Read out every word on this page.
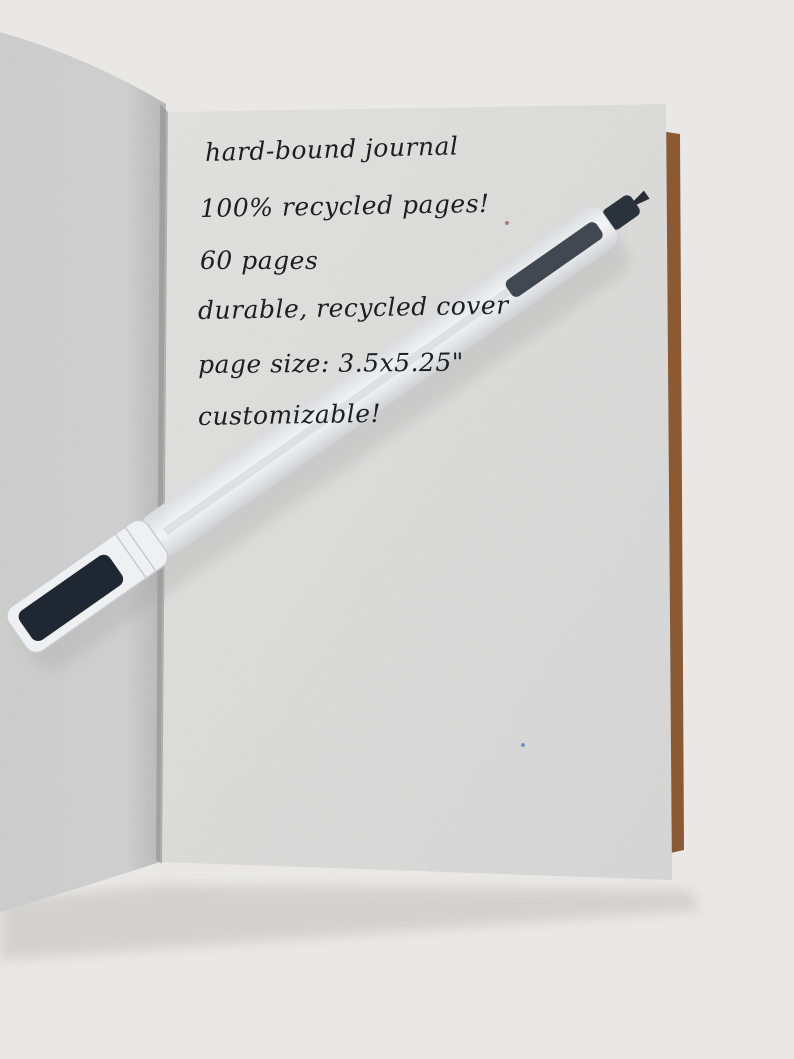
hard-bound journal
100% recycled pages!
60 pages
durable, recycled cover
page size: 3.5x5.25"
customizable!
